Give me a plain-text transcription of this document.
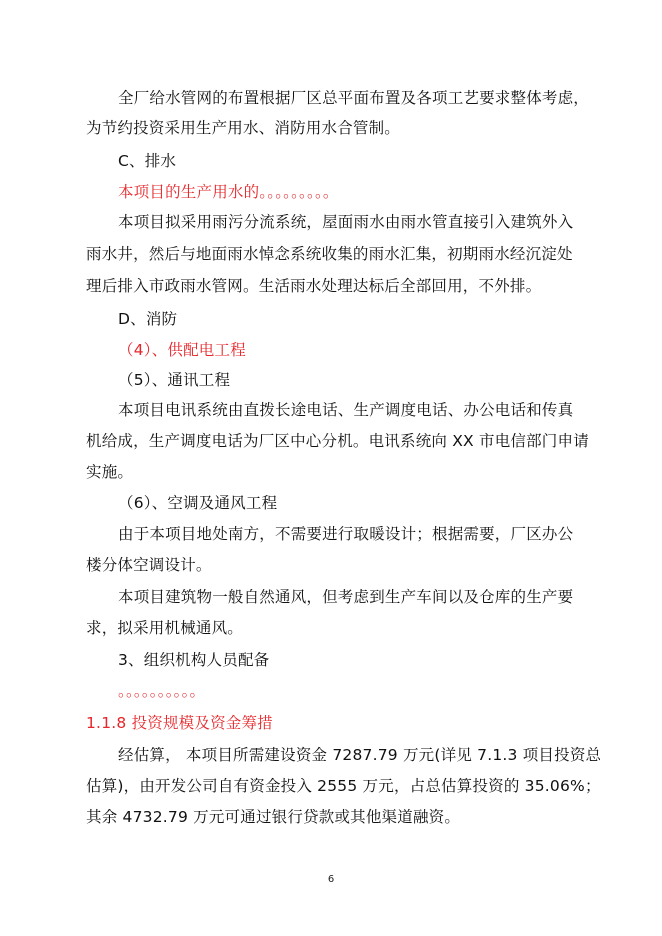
全厂给水管网的布置根据厂区总平面布置及各项工艺要求整体考虑，
为节约投资采用生产用水、消防用水合管制。
C、排水
本项目的生产用水的。。。。。。。。。
本项目拟采用雨污分流系统，屋面雨水由雨水管直接引入建筑外入
雨水井，然后与地面雨水悼念系统收集的雨水汇集，初期雨水经沉淀处
理后排入市政雨水管网。生活雨水处理达标后全部回用，不外排。
D、消防
（4）、供配电工程
（5）、通讯工程
本项目电讯系统由直拨长途电话、生产调度电话、办公电话和传真
机给成，生产调度电话为厂区中心分机。电讯系统向 XX 市电信部门申请
实施。
（6）、空调及通风工程
由于本项目地处南方，不需要进行取暖设计；根据需要，厂区办公
楼分体空调设计。
本项目建筑物一般自然通风，但考虑到生产车间以及仓库的生产要
求，拟采用机械通风。
3、组织机构人员配备
。。。。。。。。。。
1.1.8 投资规模及资金筹措
经估算， 本项目所需建设资金 7287.79 万元(详见 7.1.3 项目投资总
估算)，由开发公司自有资金投入 2555 万元，占总估算投资的 35.06%；
其余 4732.79 万元可通过银行贷款或其他渠道融资。
6
